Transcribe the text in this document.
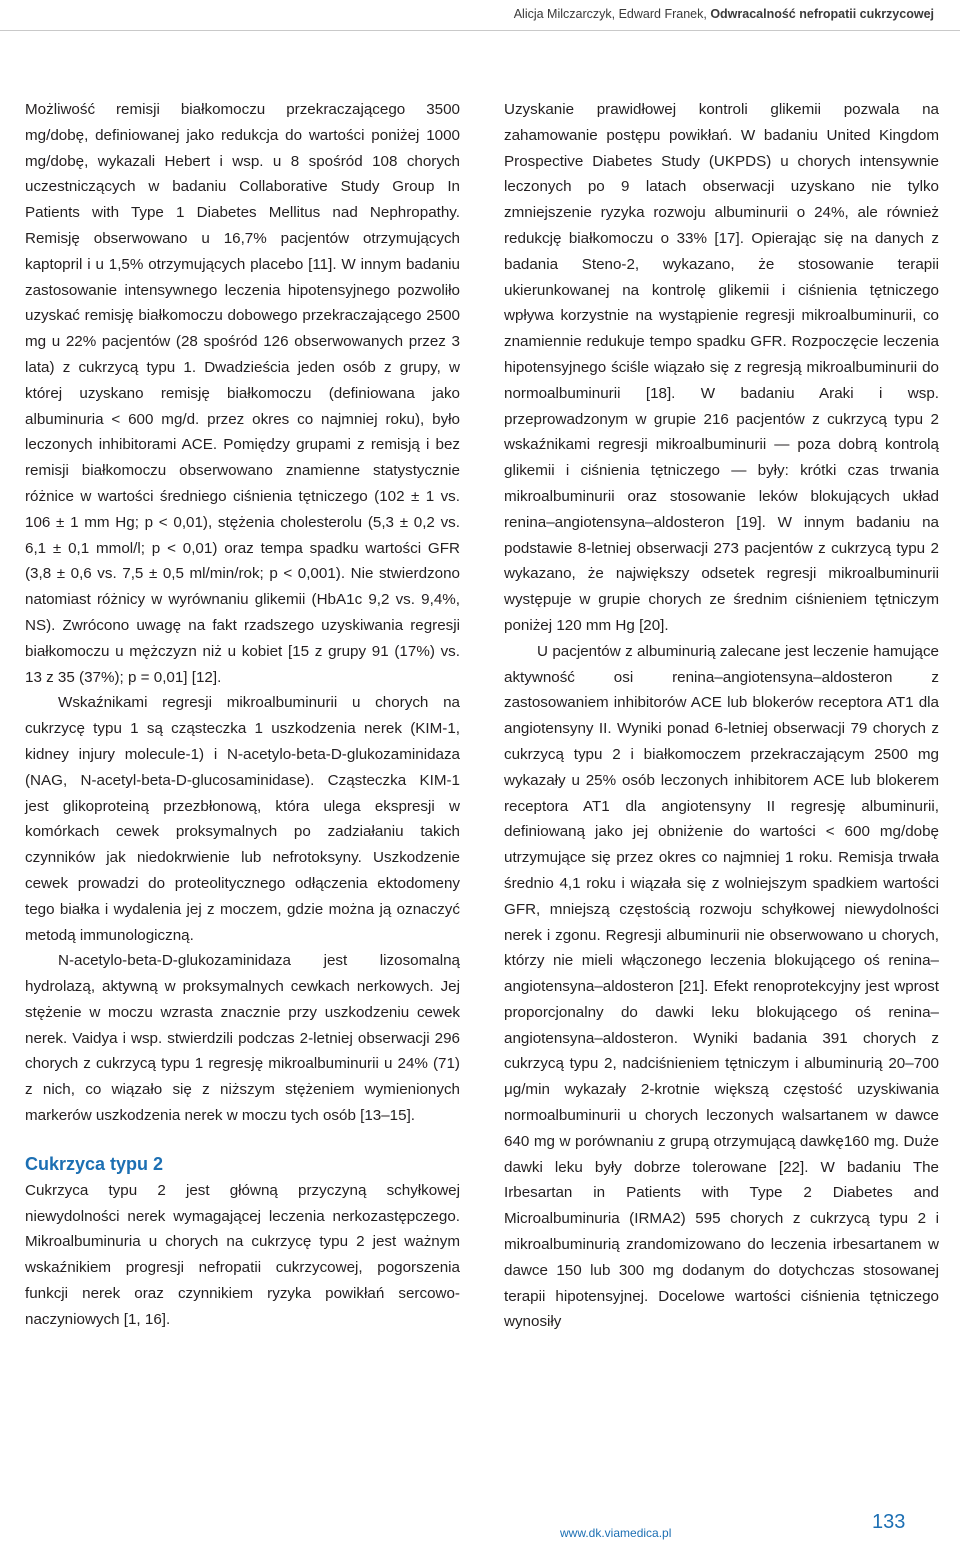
Alicja Milczarczyk, Edward Franek, Odwracalność nefropatii cukrzycowej

Możliwość remisji białkomoczu przekraczającego 3500 mg/dobę, definiowanej jako redukcja do wartości poniżej 1000 mg/dobę, wykazali Hebert i wsp. u 8 spośród 108 chorych uczestniczących w badaniu Collaborative Study Group In Patients with Type 1 Diabetes Mellitus nad Nephropathy. Remisję obserwowano u 16,7% pacjentów otrzymujących kaptopril i u 1,5% otrzymujących placebo [11]. W innym badaniu zastosowanie intensywnego leczenia hipotensyjnego pozwoliło uzyskać remisję białkomoczu dobowego przekraczającego 2500 mg u 22% pacjentów (28 spośród 126 obserwowanych przez 3 lata) z cukrzycą typu 1. Dwadzieścia jeden osób z grupy, w której uzyskano remisję białkomoczu (definiowana jako albuminuria < 600 mg/d. przez okres co najmniej roku), było leczonych inhibitorami ACE. Pomiędzy grupami z remisją i bez remisji białkomoczu obserwowano znamienne statystycznie różnice w wartości średniego ciśnienia tętniczego (102 ± 1 vs. 106 ± 1 mm Hg; p < 0,01), stężenia cholesterolu (5,3 ± 0,2 vs. 6,1 ± 0,1 mmol/l; p < 0,01) oraz tempa spadku wartości GFR (3,8 ± 0,6 vs. 7,5 ± 0,5 ml/min/rok; p < 0,001). Nie stwierdzono natomiast różnicy w wyrównaniu glikemii (HbA1c 9,2 vs. 9,4%, NS). Zwrócono uwagę na fakt rzadszego uzyskiwania regresji białkomoczu u mężczyzn niż u kobiet [15 z grupy 91 (17%) vs. 13 z 35 (37%); p = 0,01] [12].

Wskaźnikami regresji mikroalbuminurii u chorych na cukrzycę typu 1 są cząsteczka 1 uszkodzenia nerek (KIM-1, kidney injury molecule-1) i N-acetylo-beta-D-glukozaminidaza (NAG, N-acetyl-beta-D-glucosaminidase). Cząsteczka KIM-1 jest glikoproteiną przezbłonową, która ulega ekspresji w komórkach cewek proksymalnych po zadziałaniu takich czynników jak niedokrwienie lub nefrotoksyny. Uszkodzenie cewek prowadzi do proteolitycznego odłączenia ektodomeny tego białka i wydalenia jej z moczem, gdzie można ją oznaczyć metodą immunologiczną.

N-acetylo-beta-D-glukozaminidaza jest lizosomalną hydrolazą, aktywną w proksymalnych cewkach nerkowych. Jej stężenie w moczu wzrasta znacznie przy uszkodzeniu cewek nerek. Vaidya i wsp. stwierdzili podczas 2-letniej obserwacji 296 chorych z cukrzycą typu 1 regresję mikroalbuminurii u 24% (71) z nich, co wiązało się z niższym stężeniem wymienionych markerów uszkodzenia nerek w moczu tych osób [13–15].

Cukrzyca typu 2

Cukrzyca typu 2 jest główną przyczyną schyłkowej niewydolności nerek wymagającej leczenia nerkozastępczego. Mikroalbuminuria u chorych na cukrzycę typu 2 jest ważnym wskaźnikiem progresji nefropatii cukrzycowej, pogorszenia funkcji nerek oraz czynnikiem ryzyka powikłań sercowo-naczyniowych [1, 16].

Uzyskanie prawidłowej kontroli glikemii pozwala na zahamowanie postępu powikłań. W badaniu United Kingdom Prospective Diabetes Study (UKPDS) u chorych intensywnie leczonych po 9 latach obserwacji uzyskano nie tylko zmniejszenie ryzyka rozwoju albuminurii o 24%, ale również redukcję białkomoczu o 33% [17]. Opierając się na danych z badania Steno-2, wykazano, że stosowanie terapii ukierunkowanej na kontrolę glikemii i ciśnienia tętniczego wpływa korzystnie na wystąpienie regresji mikroalbuminurii, co znamiennie redukuje tempo spadku GFR. Rozpoczęcie leczenia hipotensyjnego ściśle wiązało się z regresją mikroalbuminurii do normoalbuminurii [18]. W badaniu Araki i wsp. przeprowadzonym w grupie 216 pacjentów z cukrzycą typu 2 wskaźnikami regresji mikroalbuminurii — poza dobrą kontrolą glikemii i ciśnienia tętniczego — były: krótki czas trwania mikroalbuminurii oraz stosowanie leków blokujących układ renina–angiotensyna–aldosteron [19]. W innym badaniu na podstawie 8-letniej obserwacji 273 pacjentów z cukrzycą typu 2 wykazano, że największy odsetek regresji mikroalbuminurii występuje w grupie chorych ze średnim ciśnieniem tętniczym poniżej 120 mm Hg [20].

U pacjentów z albuminurią zalecane jest leczenie hamujące aktywność osi renina–angiotensyna–aldosteron z zastosowaniem inhibitorów ACE lub blokerów receptora AT1 dla angiotensyny II. Wyniki ponad 6-letniej obserwacji 79 chorych z cukrzycą typu 2 i białkomoczem przekraczającym 2500 mg wykazały u 25% osób leczonych inhibitorem ACE lub blokerem receptora AT1 dla angiotensyny II regresję albuminurii, definiowaną jako jej obniżenie do wartości < 600 mg/dobę utrzymujące się przez okres co najmniej 1 roku. Remisja trwała średnio 4,1 roku i wiązała się z wolniejszym spadkiem wartości GFR, mniejszą częstością rozwoju schyłkowej niewydolności nerek i zgonu. Regresji albuminurii nie obserwowano u chorych, którzy nie mieli włączonego leczenia blokującego oś renina–angiotensyna–aldosteron [21]. Efekt renoprotekcyjny jest wprost proporcjonalny do dawki leku blokującego oś renina–angiotensyna–aldosteron. Wyniki badania 391 chorych z cukrzycą typu 2, nadciśnieniem tętniczym i albuminurią 20–700 μg/min wykazały 2-krotnie większą częstość uzyskiwania normoalbuminurii u chorych leczonych walsartanem w dawce 640 mg w porównaniu z grupą otrzymującą dawkę160 mg. Duże dawki leku były dobrze tolerowane [22]. W badaniu The Irbesartan in Patients with Type 2 Diabetes and Microalbuminuria (IRMA2) 595 chorych z cukrzycą typu 2 i mikroalbuminurią zrandomizowano do leczenia irbesartanem w dawce 150 lub 300 mg dodanym do dotychczas stosowanej terapii hipotensyjnej. Docelowe wartości ciśnienia tętniczego wynosiły

www.dk.viamedica.pl	133
